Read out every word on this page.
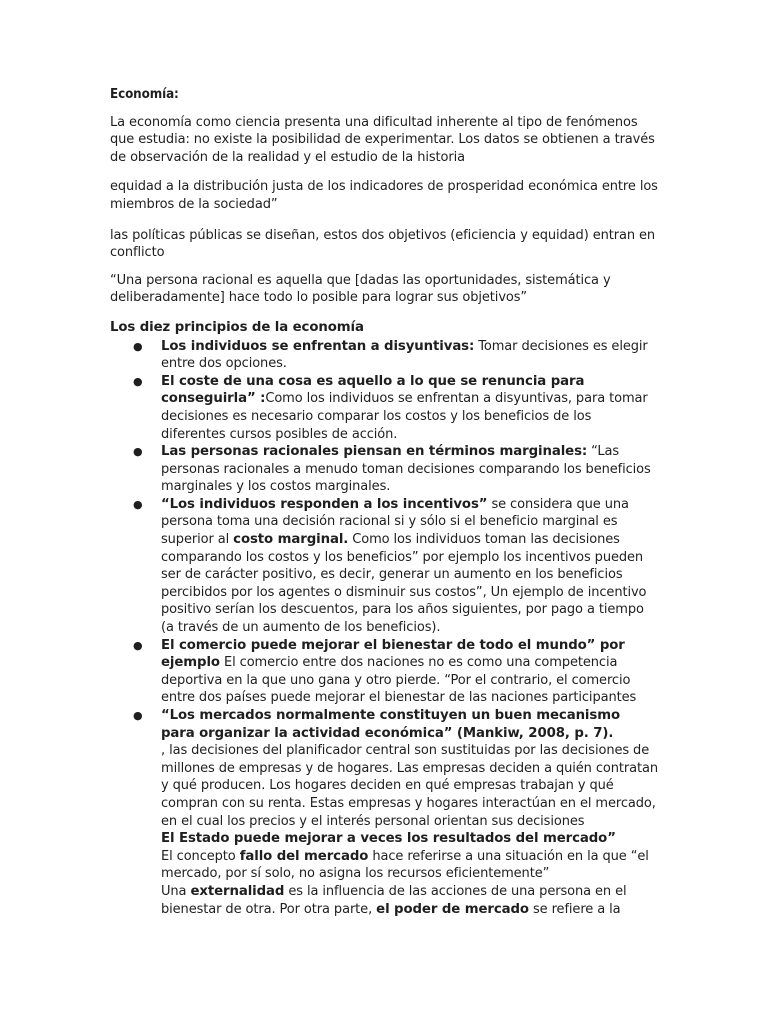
Economía:

La economía como ciencia presenta una dificultad inherente al tipo de fenómenos que estudia: no existe la posibilidad de experimentar. Los datos se obtienen a través de observación de la realidad y el estudio de la historia

equidad a la distribución justa de los indicadores de prosperidad económica entre los miembros de la sociedad”

las políticas públicas se diseñan, estos dos objetivos (eficiencia y equidad) entran en conflicto

“Una persona racional es aquella que [dadas las oportunidades, sistemática y deliberadamente] hace todo lo posible para lograr sus objetivos”

Los diez principios de la economía

● Los individuos se enfrentan a disyuntivas: Tomar decisiones es elegir entre dos opciones.
● El coste de una cosa es aquello a lo que se renuncia para conseguirla” :Como los individuos se enfrentan a disyuntivas, para tomar decisiones es necesario comparar los costos y los beneficios de los diferentes cursos posibles de acción.
● Las personas racionales piensan en términos marginales: “Las personas racionales a menudo toman decisiones comparando los beneficios marginales y los costos marginales.
● “Los individuos responden a los incentivos” se considera que una persona toma una decisión racional si y sólo si el beneficio marginal es superior al costo marginal. Como los individuos toman las decisiones comparando los costos y los beneficios” por ejemplo los incentivos pueden ser de carácter positivo, es decir, generar un aumento en los beneficios percibidos por los agentes o disminuir sus costos”, Un ejemplo de incentivo positivo serían los descuentos, para los años siguientes, por pago a tiempo (a través de un aumento de los beneficios).
● El comercio puede mejorar el bienestar de todo el mundo” por ejemplo El comercio entre dos naciones no es como una competencia deportiva en la que uno gana y otro pierde. “Por el contrario, el comercio entre dos países puede mejorar el bienestar de las naciones participantes
● “Los mercados normalmente constituyen un buen mecanismo para organizar la actividad económica” (Mankiw, 2008, p. 7).
, las decisiones del planificador central son sustituidas por las decisiones de millones de empresas y de hogares. Las empresas deciden a quién contratan y qué producen. Los hogares deciden en qué empresas trabajan y qué compran con su renta. Estas empresas y hogares interactúan en el mercado, en el cual los precios y el interés personal orientan sus decisiones

El Estado puede mejorar a veces los resultados del mercado”

El concepto fallo del mercado hace referirse a una situación en la que “el mercado, por sí solo, no asigna los recursos eficientemente”

Una externalidad es la influencia de las acciones de una persona en el bienestar de otra. Por otra parte, el poder de mercado se refiere a la
